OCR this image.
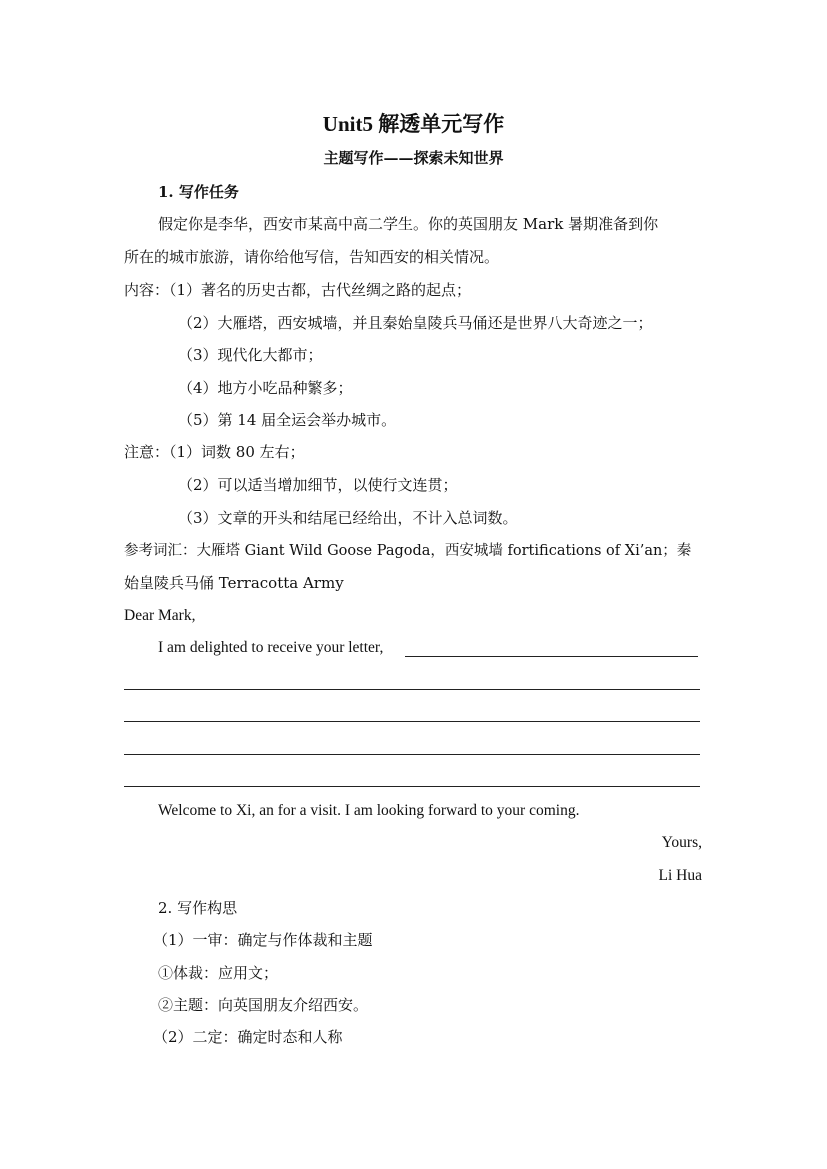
Unit5 解透单元写作
主题写作——探索未知世界
1. 写作任务
假定你是李华，西安市某高中高二学生。你的英国朋友 Mark 暑期准备到你
所在的城市旅游，请你给他写信，告知西安的相关情况。
内容：（1）著名的历史古都，古代丝绸之路的起点；
（2）大雁塔，西安城墙，并且秦始皇陵兵马俑还是世界八大奇迹之一；
（3）现代化大都市；
（4）地方小吃品种繁多；
（5）第 14 届全运会举办城市。
注意：（1）词数 80 左右；
（2）可以适当增加细节，以使行文连贯；
（3）文章的开头和结尾已经给出，不计入总词数。
参考词汇：大雁塔 Giant Wild Goose Pagoda，西安城墙 fortifications of Xi’an；秦
始皇陵兵马俑 Terracotta Army
Dear Mark,
I am delighted to receive your letter,
Welcome to Xi, an for a visit. I am looking forward to your coming.
Yours,
Li Hua
2. 写作构思
（1）一审：确定与作体裁和主题
①体裁：应用文；
②主题：向英国朋友介绍西安。
（2）二定：确定时态和人称
